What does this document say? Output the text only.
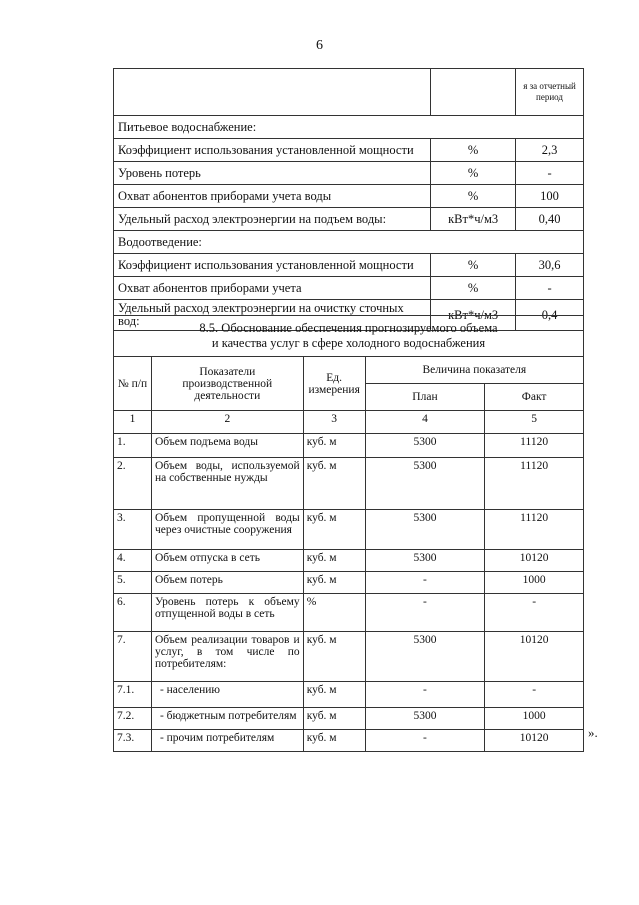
6
		я за отчетный период
Питьевое водоснабжение:		
Коэффициент использования установленной мощности	%	2,3
Уровень потерь	%	-
Охват абонентов приборами учета воды	%	100
Удельный расход электроэнергии на подъем воды:	кВт*ч/м3	0,40
Водоотведение:		
Коэффициент использования установленной мощности	%	30,6
Охват абонентов приборами учета	%	-
Удельный расход электроэнергии на очистку сточных вод:	кВт*ч/м3	0,4
8.5. Обоснование обеспечения прогнозируемого объема
и качества услуг в сфере холодного водоснабжения				

№ п/п	Показатели производственной деятельности	Ед. измерения	Величина показателя	
			План	Факт
1	2	3	4	5
1.	Объем подъема воды	куб. м	5300	11120
2.	Объем воды, используемой на собственные нужды	куб. м	5300	11120
3.	Объем пропущенной воды через очистные сооружения	куб. м	5300	11120
4.	Объем отпуска в сеть	куб. м	5300	10120
5.	Объем потерь	куб. м	-	1000
6.	Уровень потерь к объему отпущенной воды в сеть	%	-	-
7.	Объем реализации товаров и услуг, в том числе по потребителям:	куб. м	5300	10120
7.1.	- населению	куб. м	-	-
7.2.	- бюджетным потребителям	куб. м	5300	1000
7.3.	- прочим потребителям	куб. м	-	10120	».
